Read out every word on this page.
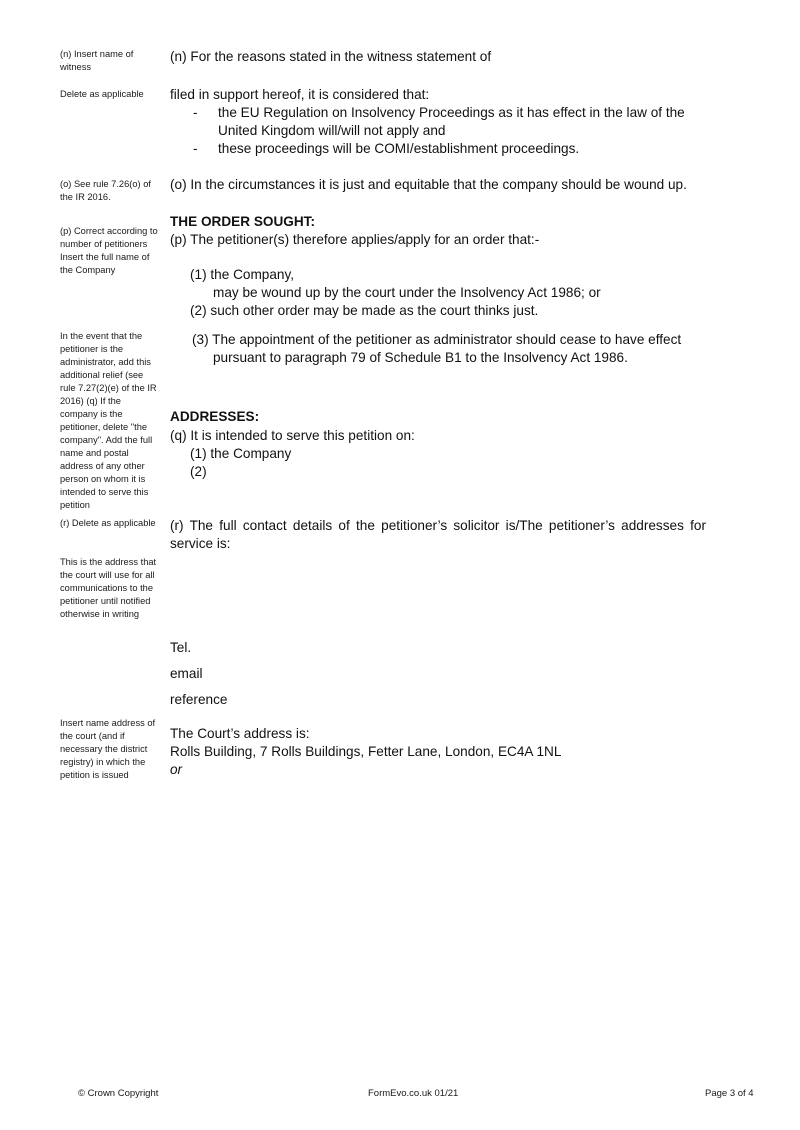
(n) Insert name of witness
Delete as applicable
(o) See rule 7.26(o) of the IR 2016.
(p) Correct according to number of petitioners Insert the full name of the Company
In the event that the petitioner is the administrator, add this additional relief (see rule 7.27(2)(e) of the IR 2016) (q) If the company is the petitioner, delete "the company". Add the full name and postal address of any other person on whom it is intended to serve this petition
(r) Delete as applicable
This is the address that the court will use for all communications to the petitioner until notified otherwise in writing
Insert name address of the court (and if necessary the district registry) in which the petition is issued
(n) For the reasons stated in the witness statement of
filed in support hereof, it is considered that:
- the EU Regulation on Insolvency Proceedings as it has effect in the law of the
United Kingdom will/will not apply and
- these proceedings will be COMI/establishment proceedings.
(o) In the circumstances it is just and equitable that the company should be wound up.
THE ORDER SOUGHT:
(p) The petitioner(s) therefore applies/apply for an order that:-
(1) the Company,
may be wound up by the court under the Insolvency Act 1986; or
(2) such other order may be made as the court thinks just.
(3) The appointment of the petitioner as administrator should cease to have effect
pursuant to paragraph 79 of Schedule B1 to the Insolvency Act 1986.
ADDRESSES:
(q) It is intended to serve this petition on:
(1) the Company
(2)
(r) The full contact details of the petitioner’s solicitor is/The petitioner’s addresses for service is:
Tel.
email
reference
The Court’s address is:
Rolls Building, 7 Rolls Buildings, Fetter Lane, London, EC4A 1NL
or
© Crown Copyright	FormEvo.co.uk 01/21	Page 3 of 4
